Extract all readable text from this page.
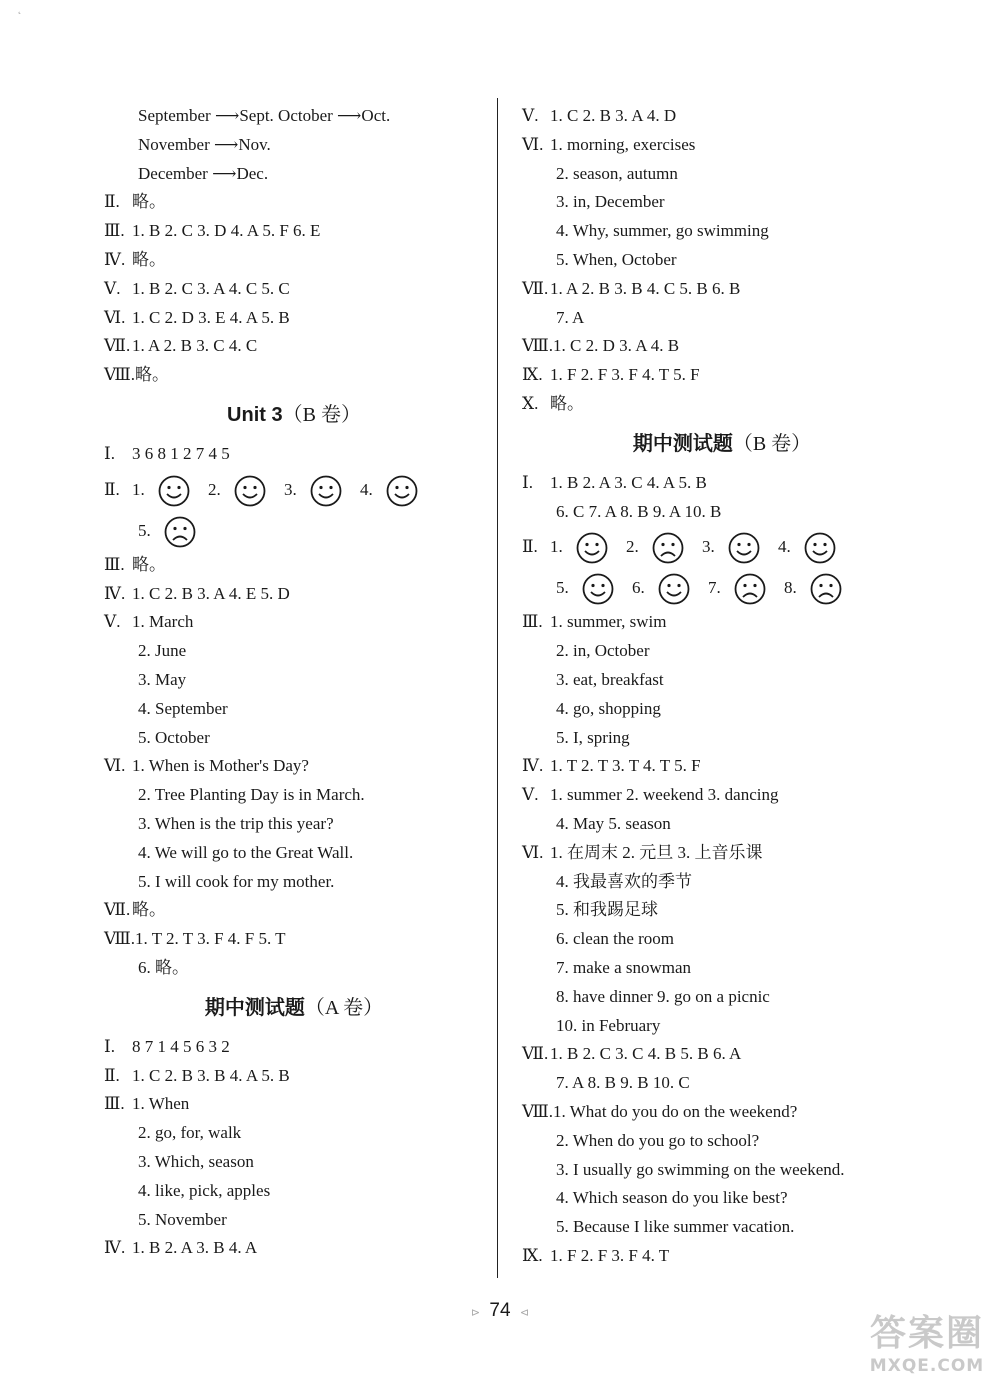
˛
September ⟶Sept. October ⟶Oct.
November ⟶Nov.
December ⟶Dec.
Ⅱ. 略。
Ⅲ. 1. B 2. C 3. D 4. A 5. F 6. E
Ⅳ. 略。
Ⅴ. 1. B 2. C 3. A 4. C 5. C
Ⅵ. 1. C 2. D 3. E 4. A 5. B
Ⅶ. 1. A 2. B 3. C 4. C
Ⅷ.略。
Unit 3（B 卷）
Ⅰ. 3 6 8 1 2 7 4 5
Ⅱ. 1.	2.	3.	4.
5.
Ⅲ. 略。
Ⅳ. 1. C 2. B 3. A 4. E 5. D
Ⅴ. 1. March
2. June
3. May
4. September
5. October
Ⅵ. 1. When is Mother's Day?
2. Tree Planting Day is in March.
3. When is the trip this year?
4. We will go to the Great Wall.
5. I will cook for my mother.
Ⅶ. 略。
Ⅷ.1. T 2. T 3. F 4. F 5. T
6. 略。
期中测试题（A 卷）
Ⅰ. 8 7 1 4 5 6 3 2
Ⅱ. 1. C 2. B 3. B 4. A 5. B
Ⅲ. 1. When
2. go, for, walk
3. Which, season
4. like, pick, apples
5. November
Ⅳ. 1. B 2. A 3. B 4. A
Ⅴ. 1. C 2. B 3. A 4. D
Ⅵ. 1. morning, exercises
2. season, autumn
3. in, December
4. Why, summer, go swimming
5. When, October
Ⅶ. 1. A 2. B 3. B 4. C 5. B 6. B
7. A
Ⅷ.1. C 2. D 3. A 4. B
Ⅸ. 1. F 2. F 3. F 4. T 5. F
Ⅹ. 略。
期中测试题（B 卷）
Ⅰ. 1. B 2. A 3. C 4. A 5. B
6. C 7. A 8. B 9. A 10. B
Ⅱ. 1.	2.	3.	4.
5.	6.	7.	8.
Ⅲ. 1. summer, swim
2. in, October
3. eat, breakfast
4. go, shopping
5. I, spring
Ⅳ. 1. T 2. T 3. T 4. T 5. F
Ⅴ. 1. summer 2. weekend 3. dancing
4. May 5. season
Ⅵ. 1. 在周末 2. 元旦 3. 上音乐课
4. 我最喜欢的季节
5. 和我踢足球
6. clean the room
7. make a snowman
8. have dinner 9. go on a picnic
10. in February
Ⅶ. 1. B 2. C 3. C 4. B 5. B 6. A
7. A 8. B 9. B 10. C
Ⅷ.1. What do you do on the weekend?
2. When do you go to school?
3. I usually go swimming on the weekend.
4. Which season do you like best?
5. Because I like summer vacation.
Ⅸ. 1. F 2. F 3. F 4. T
⊳ 74 ⊲	答案圈
MXQE.COM
